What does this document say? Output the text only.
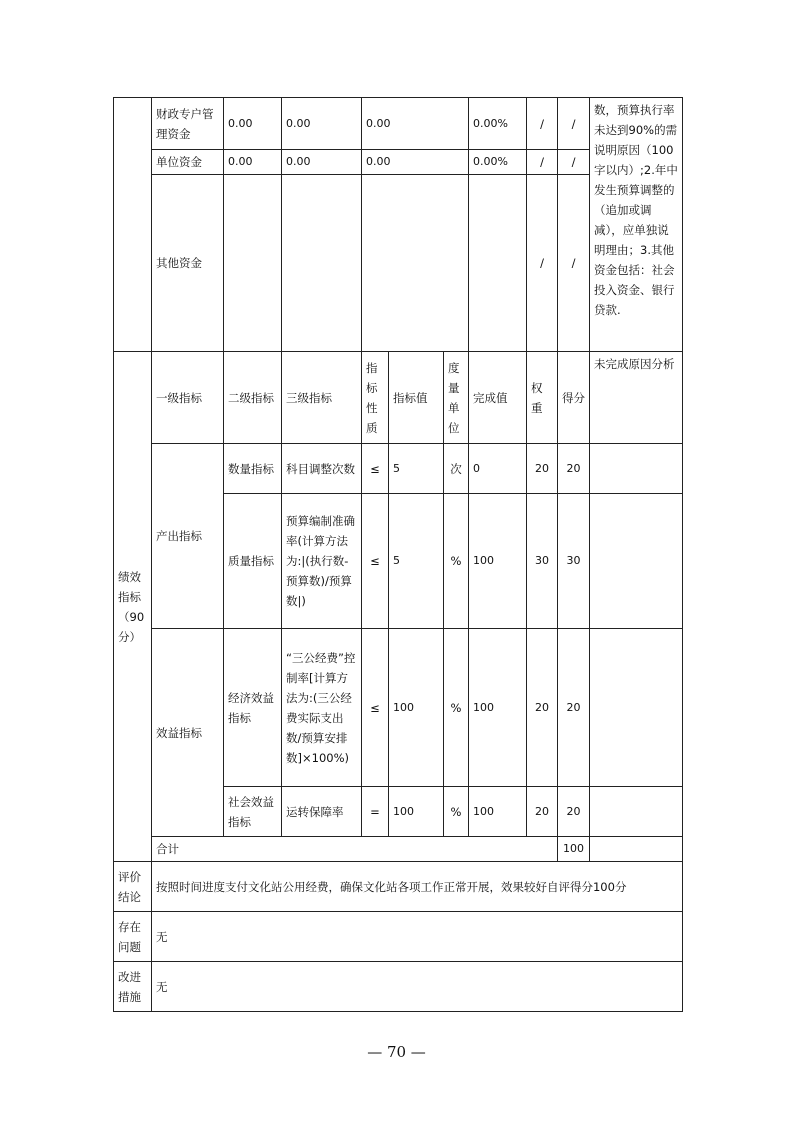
	财政专户管理资金	0.00	0.00	0.00			0.00%	/	/	数，预算执行率未达到90%的需说明原因（100字以内）;2.年中发生预算调整的（追加或调减），应单独说明理由；3.其他资金包括：社会投入资金、银行贷款.	
	单位资金	0.00	0.00	0.00			0.00%	/	/		
	其他资金							/	/		
绩效指标（90分）	一级指标	二级指标	三级指标	指标性质	指标值	度量单位	完成值	权重	得分	未完成原因分析	
	产出指标	数量指标	科目调整次数	≤	5	次	0	20	20		
		质量指标	预算编制准确率(计算方法为:|(执行数-预算数)/预算数|)	≤	5	%	100	30	30		
	效益指标	经济效益指标	“三公经费”控制率[计算方法为:(三公经费实际支出数/预算安排数]×100%)	≤	100	%	100	20	20		
		社会效益指标	运转保障率	=	100	%	100	20	20		
	合计								100		
评价结论	按照时间进度支付文化站公用经费，确保文化站各项工作正常开展，效果较好自评得分100分										
存在问题	无										
改进措施	无										
— 70 —
